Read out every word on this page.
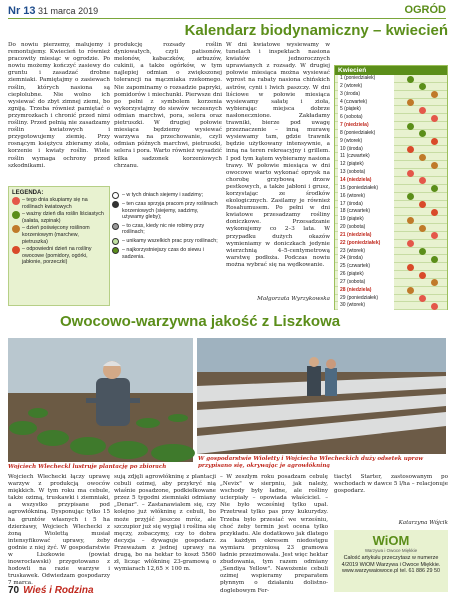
Nr 13 31 marca 2019	OGRÓD
Kalendarz biodynamiczny – kwiecień
Do nowiu pierzemy, malujemy i remontujemy. Kwiecień to również pracowity miesiąc w ogrodzie. Po nowiu możemy kończyć zasiewy do gruntu i zasadzać drobne ziemniaki. Pamiętajmy o zasiewach roślin, których nasiona są ciepłolubne. Nie wolno ich wysiewać do zbyt zimnej ziemi, bo zgniją. Trzeba również pamiętać o przymrozkach i chronić przed nimi rośliny. Przed pełnią nie zasadzamy roślin kwiatowych i przygotowujemy ziemię. Przy rosnącym księżycu zbieramy zioła, korzenie i kwiaty roślin. Wiele roślin wymaga ochrony przed szkodnikami.
produkcję rozsady roślin dyniowatych, czyli patisonów, melonów, kabaczków, arbuzów, cukinii, a także ogórków, w tym najlepiej odmian o zwiększonej tolerancji na mączniaka rzekomego. Nie zapominamy o rozsadzie papryki, pomidorów i miechunki. Pierwsze dni po pełni z symbolem korzenia wykorzystajmy do siewów wczesnych odmian marchwi, pora, selera oraz pietruszki. W drugiej połowie miesiąca będziemy wysiewać warzywa na przechowanie, czyli odmian późnych marchwi, pietruszki, selera i pora. Warto również wysadzić kilka sadzonek korzeniowych chrzanu.
W dni kwiatowe wysiewamy w tunelach i inspektach nasiona kwiatów jednorocznych uprawianych z rozsady. W drugiej połowie miesiąca można wysiewać wprost na rabaty nasiona chińskich astrów, cynii i lwich paszczy. W dni liściowe w połowie miesiąca wysiewamy sałatę i zioła, wybierając miejsca dobrze nasłonecznione. Zakładamy trawniki, bierze pod uwagę przeznaczenie – inną murawę wysiewamy tam, gdzie trawnik będzie użytkowany intensywnie, a inną na teren rekreacyjny i grillem. I pod tym kątem wybieramy nasiona trawy. W połowie miesiąca w dni owocowe warto wykonać oprysk na chorobę grzybową drzew pestkowych, a także jabłoni i grusz, korzystając ze środków ekologicznych. Zasilamy je również Rosahumusem. Po pełni w dni kwiatowe przesadzamy rośliny doniczkowe. Przesadzanie wykonujemy co 2–3 lata. W przypadku dużych okazów wymieniamy w doniczkach jedynie wierzchnią 4–5-centymetrową warstwę podłoża. Podczas nowiu można wybrać się na wędkowanie.
LEGENDA:
– tego dnia skupiamy się na roślinach kwiatowych
– ważny dzień dla roślin liściastych (sałata, szpinak)
– dzień poświęcony roślinom korzeniowym (marchew, pietruszka)
– odpowiedni dzień na rośliny owocowe (pomidory, ogórki, jabłonie, porzeczki)
– w tych dniach siejemy i sadzimy;
– ten czas sprzyja pracom przy roślinach korzeniowych (siejemy, sadzimy, używamy gleby);
– to czas, kiedy nic nie robimy przy roślinach;
– unikamy wszelkich prac przy roślinach;
– najkorzystniejszy czas do siewu i sadzenia.
Kwiecień
1 (poniedziałek)
2 (wtorek)
3 (środa)
4 (czwartek)
5 (piątek)
6 (sobota)
7 (niedziela)
8 (poniedziałek)
9 (wtorek)
10 (środa)
11 (czwartek)
12 (piątek)
13 (sobota)
14 (niedziela)
15 (poniedziałek)
16 (wtorek)
17 (środa)
18 (czwartek)
19 (piątek)
20 (sobota)
21 (niedziela)
22 (poniedziałek)
23 (wtorek)
24 (środa)
25 (czwartek)
26 (piątek)
27 (sobota)
28 (niedziela)
29 (poniedziałek)
30 (wtorek)
Małgorzata Wyrzykowska
Owocowo-warzywna jakość z Liszkowa
Wojciech Wlecheckl lustruje plantację po zbiorach
W gospodarstwie Wioletty i Wojciecha Wlecheckich duży odsetek upraw przypisano się, okrywając je agrowłókniną
Wojciech Wlechecki łączy uprawę warzyw z produkcją owoców miękkich. W tym roku ma cebule, także ozimą, truskawki i ziemniaki, a wszystko przypisane pod agrowłókniną. Dysponując tylko 15 ha gruntów własnych i 5 ha dzierżawy, Wojciech Wlechecki z żoną Wiolettą musiał intensyfikować uprawy, żeby godnie z niej żyć. W gospodarstwie w Liszkowie (powiat inowrocławski) przygotowano z hodowli na razie warzyw i truskawek. Odwiedzam gospodarzy 7 marca.
sują zdjęli agrowłókninę z plantacji cebuli ozimej, aby przykryć nią właśnie posadzone, podkiełkowane przez 5 tygodni ziemniaki odmiany „Denar". – Zastanawialem się, czy kolejno już włókninę z cebuli, bo może przyjść jeszcze mróz, ale szczupior już się wygiął i roślina się męczy, zobaczymy, czy to dobra decyzja – dywaguje gospodarz. Przeważam z jednej uprawy na drugą, bo na hektar to koszt 5560 zł, licząc włókninę 23-gramową o wymiarach 12,65 × 100 m.
– W zeszłym roku posadzam cebulę „Nevix" w sierpniu, jak należy, wschody były ładne, ale rośliny ucierpiały – opowiada właściciel. – Nie było wcześniej tylko upał. Przetrwał tylko pas przy kukurydzy. Trzeba było przesiać we wrześniu, choć żeby termin jest ocena tylko przykładu. Ale dodatkowo jak dlatego za każdym okresem niedostępu wymiaru przyniosą 23 gramowa ładnie przezimowała. Jest więc hektar zbudowania, tym razem odmiany „Sendiya Yellow". Nawożenie cebuli ozimej wspieramy preparatem płynnym o działaniu dolistno-doglebowym Fer-
tiactyl Starter, zastosowanym po wschodach w dawce 5 l/ha – relacjonuje gospodarz.
Katarzyna Wójcik
WiOM
Warzywa i Owoce Miękkie
Całość artykułu przeczytasz w numerze 4/2019 WiOM Warzywa i Owoce Miękkie. www.warzywaiowoce.pl tel. 61 886 29 50
70 Wieś i Rodzina
